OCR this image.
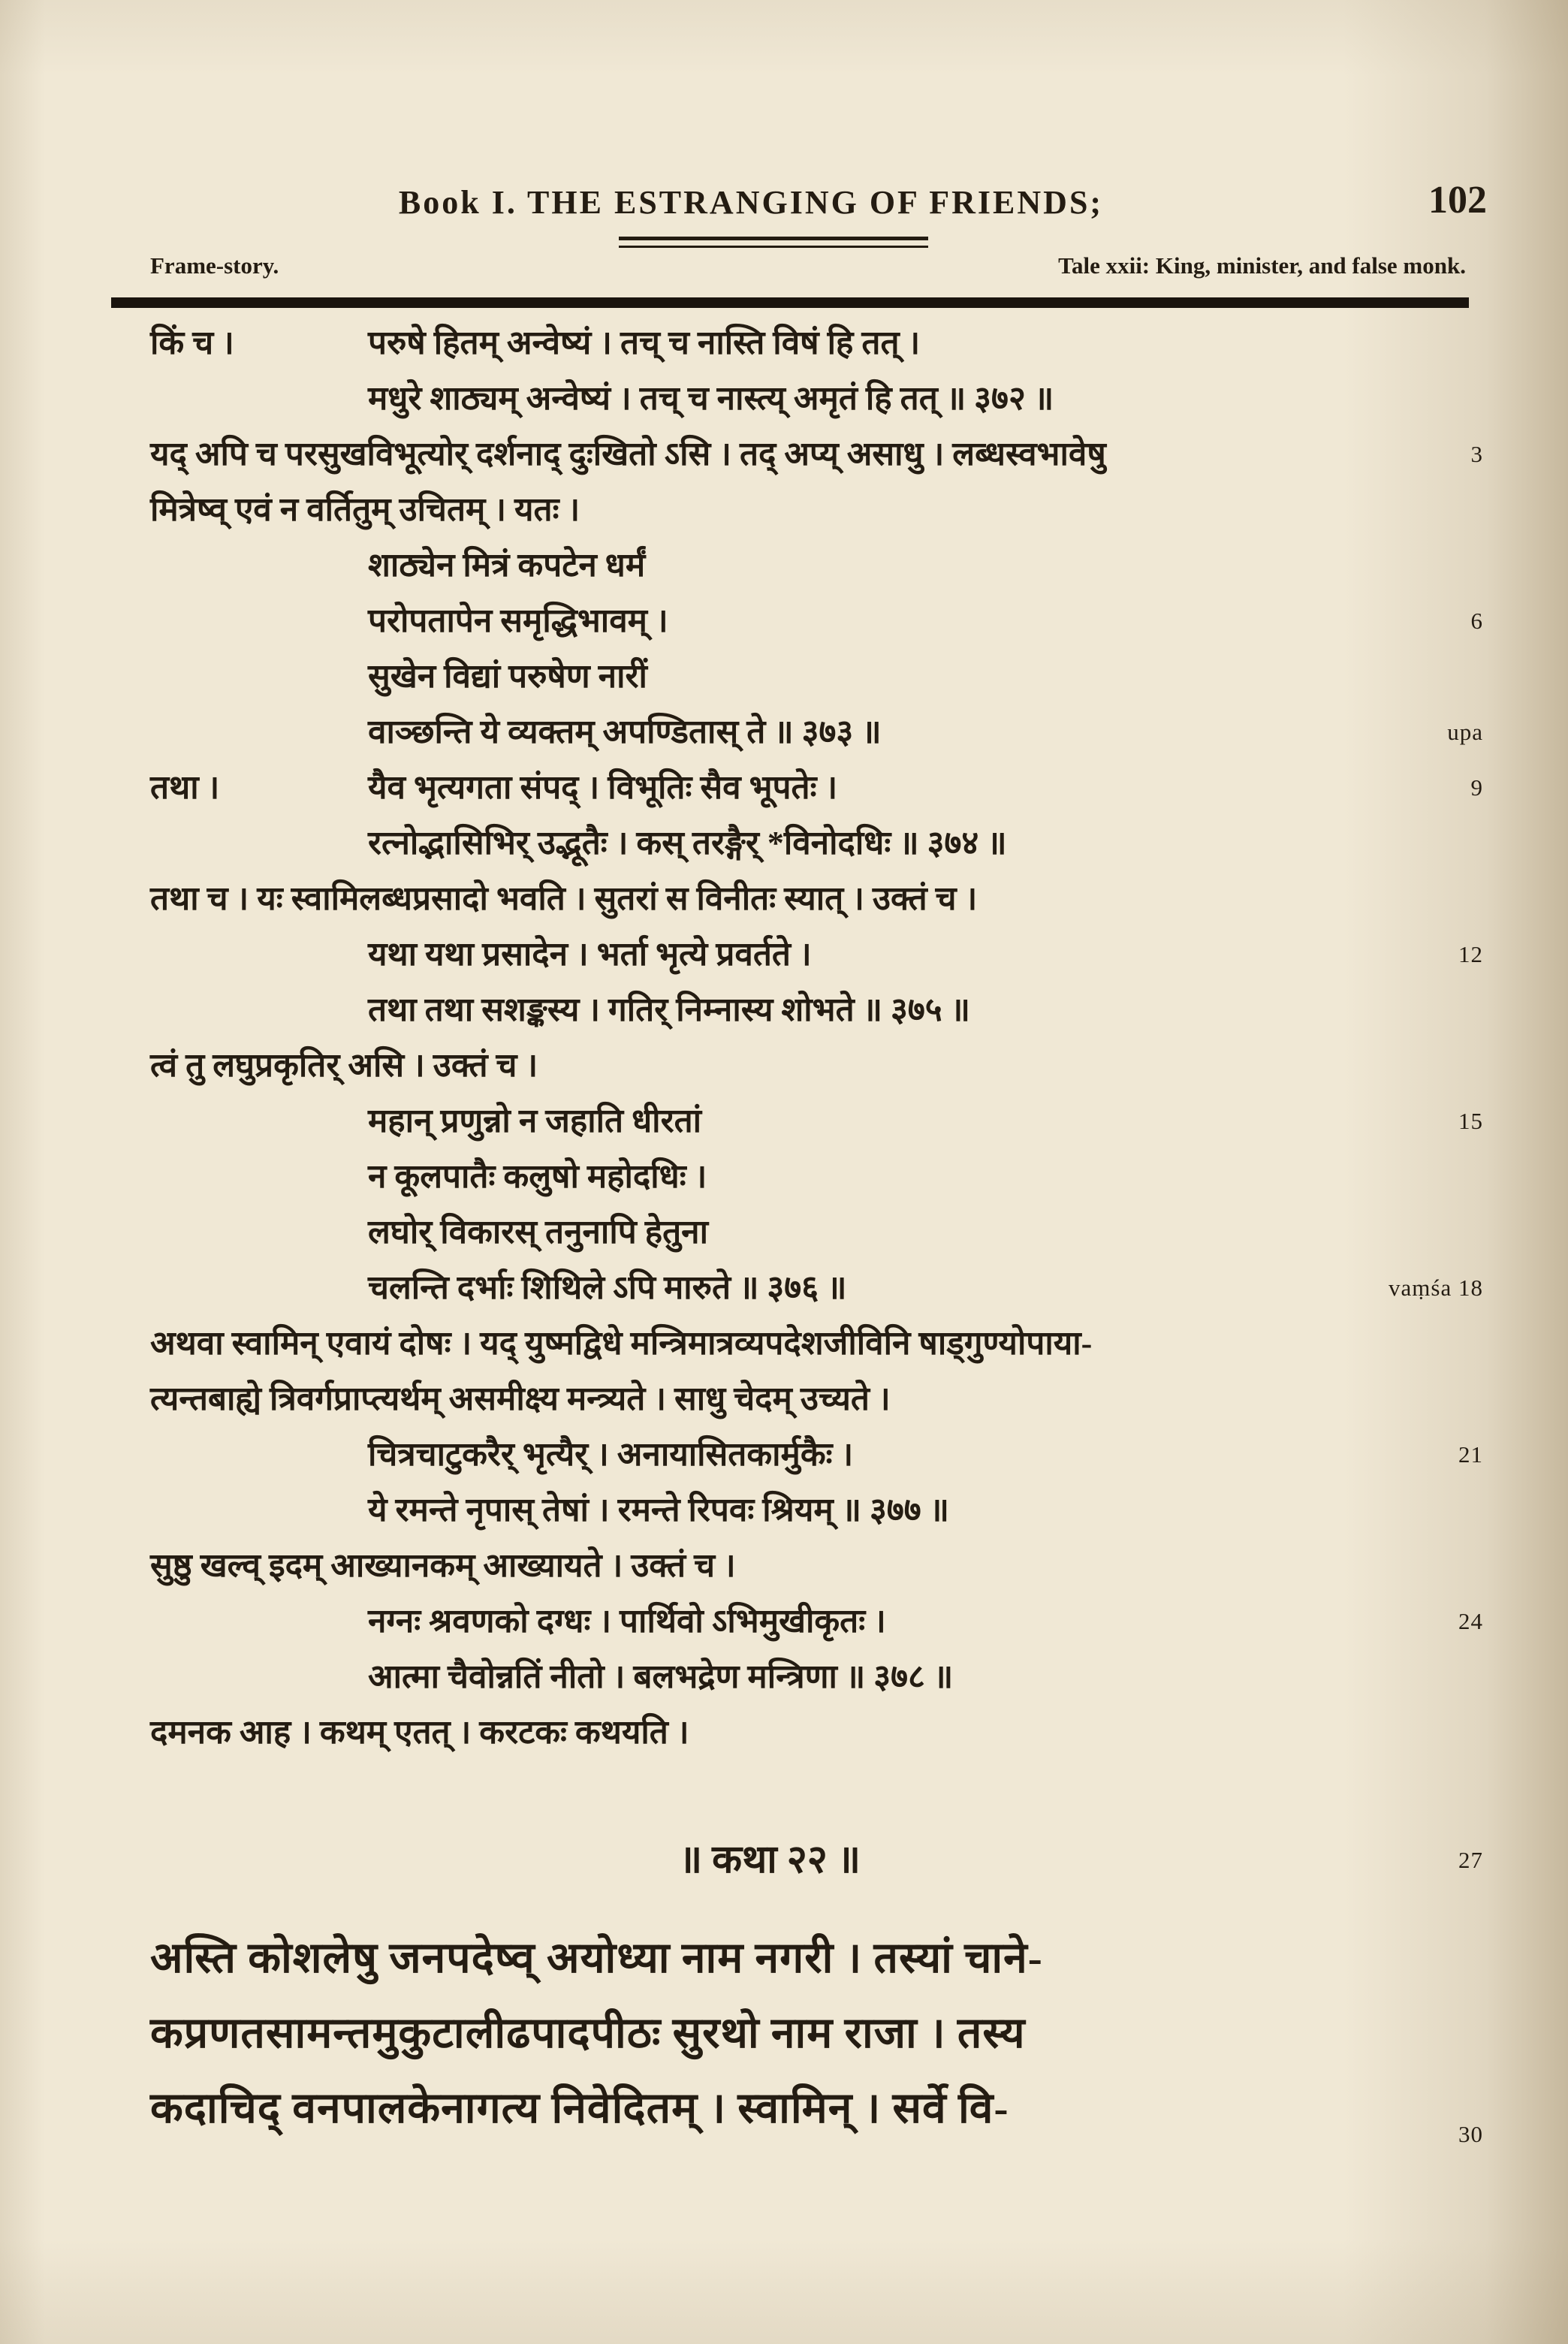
Book I. THE ESTRANGING OF FRIENDS;	102
Frame-story.	Tale xxii: King, minister, and false monk.
किं च ।	परुषे हितम् अन्वेष्यं । तच् च नास्ति विषं हि तत् ।
मधुरे शाठ्यम् अन्वेष्यं । तच् च नास्त्य् अमृतं हि तत् ॥ ३७२ ॥
यद् अपि च परसुखविभूत्योर् दर्शनाद् दुःखितो ऽसि । तद् अप्य् असाधु । लब्धस्वभावेषु	3
मित्रेष्व् एवं न वर्तितुम् उचितम् । यतः ।
शाठ्येन मित्रं कपटेन धर्मं
परोपतापेन समृद्धिभावम् ।	6
सुखेन विद्यां परुषेण नारीं
वाञ्छन्ति ये व्यक्तम् अपण्डितास् ते ॥ ३७३ ॥	upa
तथा ।	यैव भृत्यगता संपद् । विभूतिः सैव भूपतेः ।	9
रत्नोद्भासिभिर् उद्भूतैः । कस् तरङ्गैर् *विनोदधिः ॥ ३७४ ॥
तथा च । यः स्वामिलब्धप्रसादो भवति । सुतरां स विनीतः स्यात् । उक्तं च ।
यथा यथा प्रसादेन । भर्ता भृत्ये प्रवर्तते ।	12
तथा तथा सशङ्कस्य । गतिर् निम्नास्य शोभते ॥ ३७५ ॥
त्वं तु लघुप्रकृतिर् असि । उक्तं च ।
महान् प्रणुन्नो न जहाति धीरतां	15
न कूलपातैः कलुषो महोदधिः ।
लघोर् विकारस् तनुनापि हेतुना
चलन्ति दर्भाः शिथिले ऽपि मारुते ॥ ३७६ ॥	vaṃśa 18
अथवा स्वामिन् एवायं दोषः । यद् युष्मद्विधे मन्त्रिमात्रव्यपदेशजीविनि षाड्गुण्योपाया-
त्यन्तबाह्ये त्रिवर्गप्राप्त्यर्थम् असमीक्ष्य मन्त्र्यते । साधु चेदम् उच्यते ।
चित्रचाटुकरैर् भृत्यैर् । अनायासितकार्मुकैः ।	21
ये रमन्ते नृपास् तेषां । रमन्ते रिपवः श्रियम् ॥ ३७७ ॥
सुष्ठु खल्व् इदम् आख्यानकम् आख्यायते । उक्तं च ।
नग्नः श्रवणको दग्धः । पार्थिवो ऽभिमुखीकृतः ।	24
आत्मा चैवोन्नतिं नीतो । बलभद्रेण मन्त्रिणा ॥ ३७८ ॥
दमनक आह । कथम् एतत् । करटकः कथयति ।
॥ कथा २२ ॥	27
अस्ति कोशलेषु जनपदेष्व् अयोध्या नाम नगरी । तस्यां चाने-
कप्रणतसामन्तमुकुटालीढपादपीठः सुरथो नाम राजा । तस्य
कदाचिद् वनपालकेनागत्य निवेदितम् । स्वामिन् । सर्वे वि-
30
